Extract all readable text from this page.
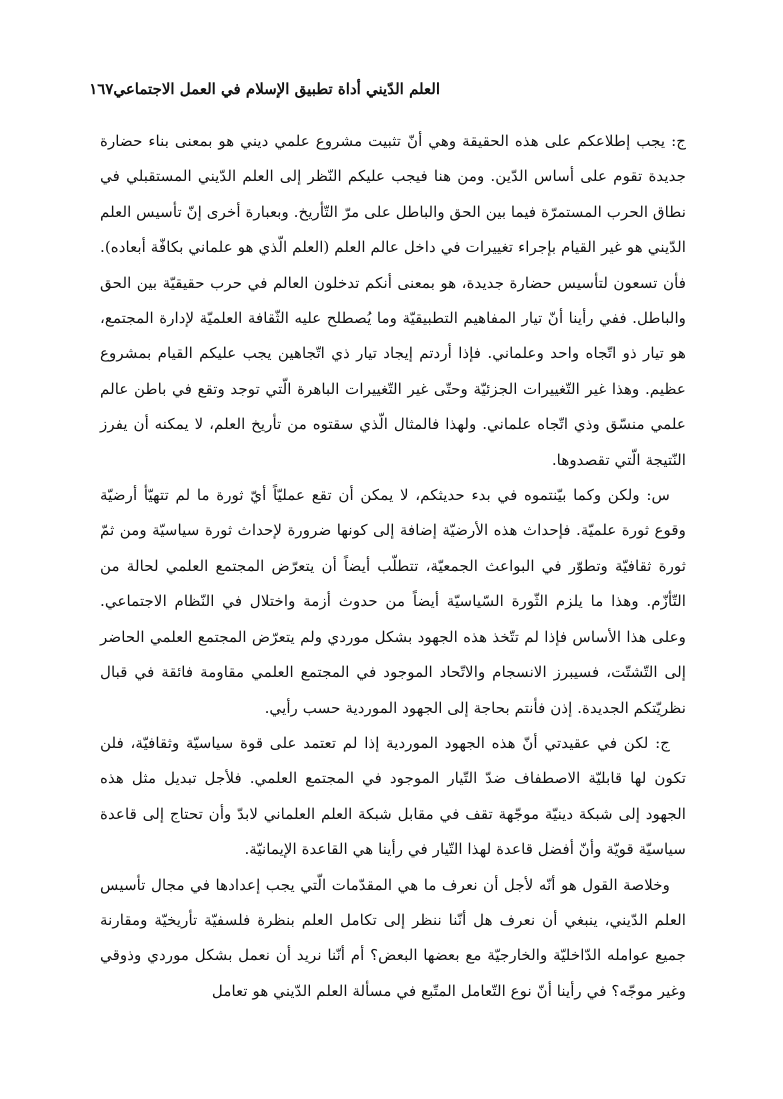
العلم الدّيني أداة تطبيق الإسلام في العمل الاجتماعي
١٦٧

ج: يجب إطلاعكم على هذه الحقيقة وهي أنّ تثبيت مشروع علمي ديني هو بمعنى بناء حضارة جديدة تقوم على أساس الدّين. ومن هنا فيجب عليكم النّظر إلى العلم الدّيني المستقبلي في نطاق الحرب المستمرّة فيما بين الحق والباطل على مرّ التّأريخ. وبعبارة أخرى إنّ تأسيس العلم الدّيني هو غير القيام بإجراء تغييرات في داخل عالم العلم (العلم الّذي هو علماني بكافّة أبعاده). فأن تسعون لتأسيس حضارة جديدة، هو بمعنى أنكم تدخلون العالم في حرب حقيقيّة بين الحق والباطل. ففي رأينا أنّ تيار المفاهيم التطبيقيّة وما يُصطلح عليه الثّقافة العلميّة لإدارة المجتمع، هو تيار ذو اتّجاه واحد وعلماني. فإذا أردتم إيجاد تيار ذي اتّجاهين يجب عليكم القيام بمشروع عظيم. وهذا غير التّغييرات الجزئيّة وحتّى غير التّغييرات الباهرة الّتي توجد وتقع في باطن عالم علمي منسّق وذي اتّجاه علماني. ولهذا فالمثال الّذي سقتوه من تأريخ العلم، لا يمكنه أن يفرز النّتيجة الّتي تقصدوها.

س: ولكن وكما بيّنتموه في بدء حديثكم، لا يمكن أن تقع عمليّاً أيّ ثورة ما لم تتهيّأ أرضيّة وقوع ثورة علميّة. فإحداث هذه الأرضيّة إضافة إلى كونها ضرورة لإحداث ثورة سياسيّة ومن ثمّ ثورة ثقافيّة وتطوّر في البواعث الجمعيّة، تتطلّب أيضاً أن يتعرّض المجتمع العلمي لحالة من التّأزّم. وهذا ما يلزم الثّورة السّياسيّة أيضاً من حدوث أزمة واختلال في النّظام الاجتماعي. وعلى هذا الأساس فإذا لم تتّخذ هذه الجهود بشكل موردي ولم يتعرّض المجتمع العلمي الحاضر إلى التّشتّت، فسيبرز الانسجام والاتّحاد الموجود في المجتمع العلمي مقاومة فائقة في قبال نظريّتكم الجديدة. إذن فأنتم بحاجة إلى الجهود الموردية حسب رأيي.

ج: لكن في عقيدتي أنّ هذه الجهود الموردية إذا لم تعتمد على قوة سياسيّة وثقافيّة، فلن تكون لها قابليّة الاصطفاف ضدّ التّيار الموجود في المجتمع العلمي. فلأجل تبديل مثل هذه الجهود إلى شبكة دينيّة موجّهة تقف في مقابل شبكة العلم العلماني لابدّ وأن تحتاج إلى قاعدة سياسيّة قويّة وأنّ أفضل قاعدة لهذا التّيار في رأينا هي القاعدة الإيمانيّة.

وخلاصة القول هو أنّه لأجل أن نعرف ما هي المقدّمات الّتي يجب إعدادها في مجال تأسيس العلم الدّيني، ينبغي أن نعرف هل أنّنا ننظر إلى تكامل العلم بنظرة فلسفيّة تأريخيّة ومقارنة جميع عوامله الدّاخليّة والخارجيّة مع بعضها البعض؟ أم أنّنا نريد أن نعمل بشكل موردي وذوقي وغير موجّه؟ في رأينا أنّ نوع التّعامل المتّبع في مسألة العلم الدّيني هو تعامل
